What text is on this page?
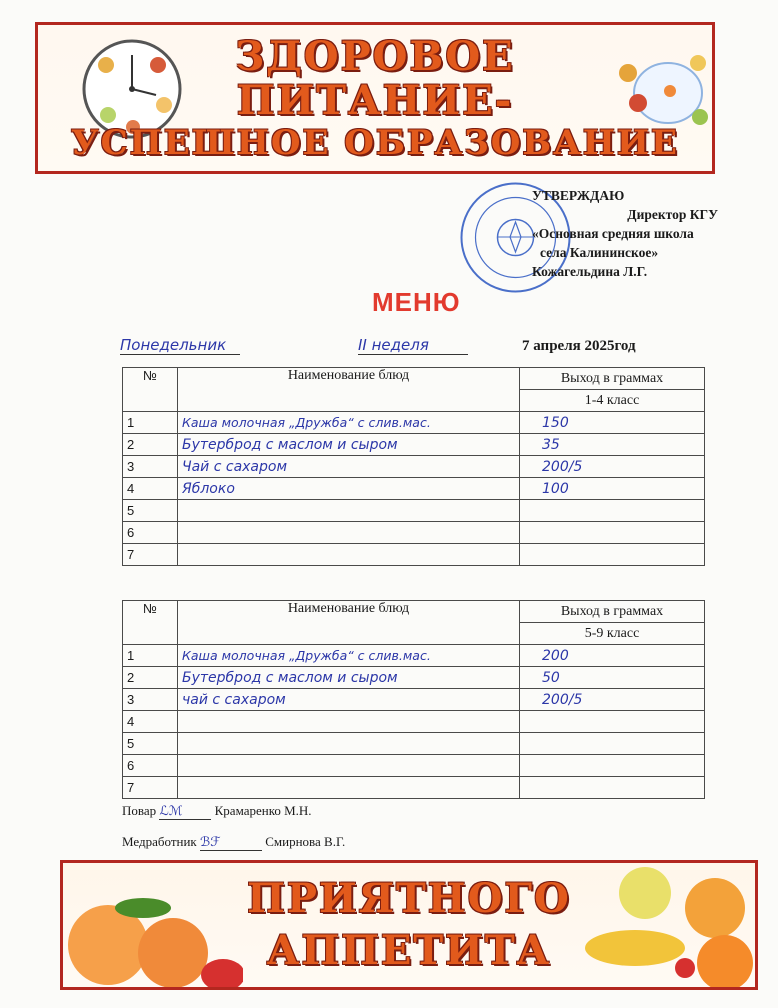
ЗДОРОВОЕ
ПИТАНИЕ-
УСПЕШНОЕ ОБРАЗОВАНИЕ
УТВЕРЖДАЮ
Директор КГУ
«Основная средняя школа
села Калининское»
Кожагельдина Л.Г.
МЕНЮ
Понедельник	II неделя	7 апреля 2025год
№	Наименование блюд	Выход в граммах
		1-4 класс
1	Каша молочная „Дружба“ с слив.мас.	150
2	Бутерброд с маслом и сыром	35
3	Чай с сахаром	200/5
4	Яблоко	100
5		
6		
7		
№	Наименование блюд	Выход в граммах
		5-9 класс
1	Каша молочная „Дружба“ с слив.мас.	200
2	Бутерброд с маслом и сыром	50
3	чай с сахаром	200/5
4		
5		
6		
7		
Повар ℒℳ Крамаренко М.Н.
Медработник ℬℱ	Смирнова В.Г.
ПРИЯТНОГО
АППЕТИТА
